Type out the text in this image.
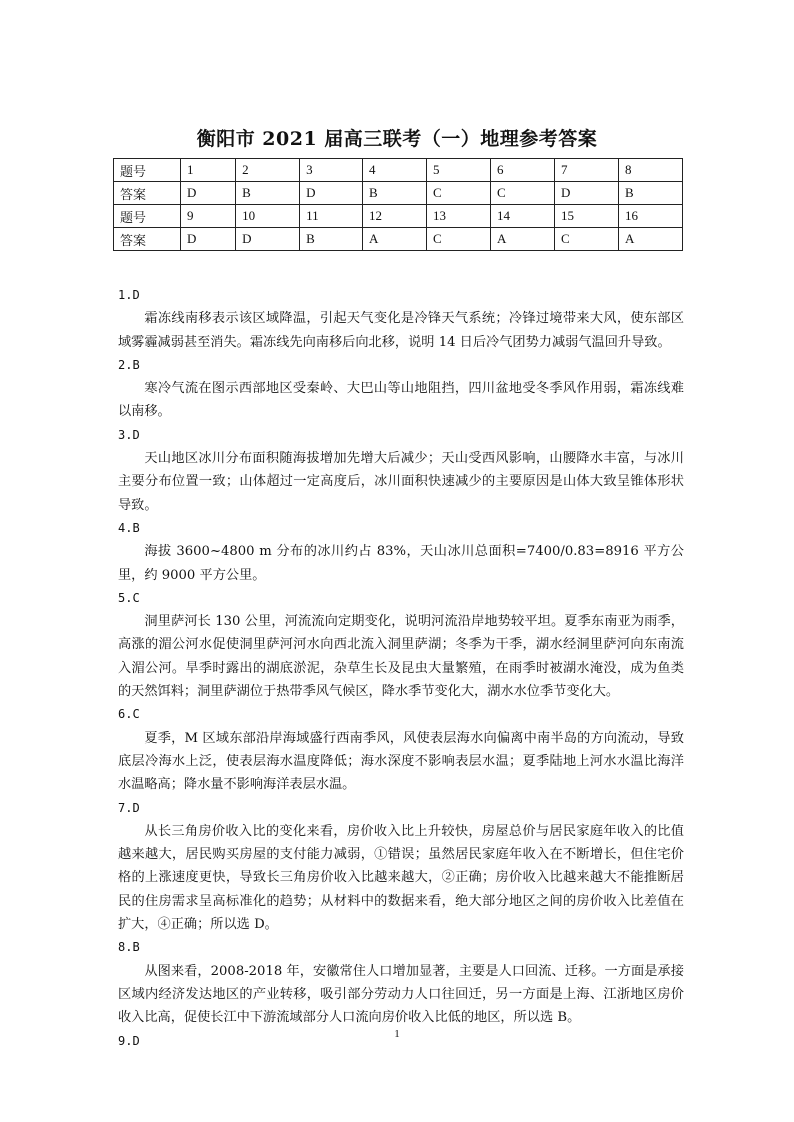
衡阳市 2021 届高三联考（一）地理参考答案
题号	1	2	3	4	5	6	7	8
答案	D	B	D	B	C	C	D	B
题号	9	10	11	12	13	14	15	16
答案	D	D	B	A	C	A	C	A
1.D
霜冻线南移表示该区域降温，引起天气变化是冷锋天气系统；冷锋过境带来大风，使东部区域雾霾减弱甚至消失。霜冻线先向南移后向北移，说明 14 日后冷气团势力减弱气温回升导致。
2.B
寒冷气流在图示西部地区受秦岭、大巴山等山地阻挡，四川盆地受冬季风作用弱，霜冻线难以南移。
3.D
天山地区冰川分布面积随海拔增加先增大后减少；天山受西风影响，山腰降水丰富，与冰川主要分布位置一致；山体超过一定高度后，冰川面积快速减少的主要原因是山体大致呈锥体形状导致。
4.B
海拔 3600~4800 m 分布的冰川约占 83%，天山冰川总面积=7400/0.83=8916 平方公里，约 9000 平方公里。
5.C
洞里萨河长 130 公里，河流流向定期变化，说明河流沿岸地势较平坦。夏季东南亚为雨季，高涨的湄公河水促使洞里萨河河水向西北流入洞里萨湖；冬季为干季，湖水经洞里萨河向东南流入湄公河。旱季时露出的湖底淤泥，杂草生长及昆虫大量繁殖，在雨季时被湖水淹没，成为鱼类的天然饵料；洞里萨湖位于热带季风气候区，降水季节变化大，湖水水位季节变化大。
6.C
夏季，M 区域东部沿岸海域盛行西南季风，风使表层海水向偏离中南半岛的方向流动，导致底层冷海水上泛，使表层海水温度降低；海水深度不影响表层水温；夏季陆地上河水水温比海洋水温略高；降水量不影响海洋表层水温。
7.D
从长三角房价收入比的变化来看，房价收入比上升较快，房屋总价与居民家庭年收入的比值越来越大，居民购买房屋的支付能力减弱，①错误；虽然居民家庭年收入在不断增长，但住宅价格的上涨速度更快，导致长三角房价收入比越来越大，②正确；房价收入比越来越大不能推断居民的住房需求呈高标准化的趋势；从材料中的数据来看，绝大部分地区之间的房价收入比差值在扩大，④正确；所以选 D。
8.B
从图来看，2008-2018 年，安徽常住人口增加显著，主要是人口回流、迁移。一方面是承接区域内经济发达地区的产业转移，吸引部分劳动力人口往回迁，另一方面是上海、江浙地区房价收入比高，促使长江中下游流域部分人口流向房价收入比低的地区，所以选 B。
9.D	1
